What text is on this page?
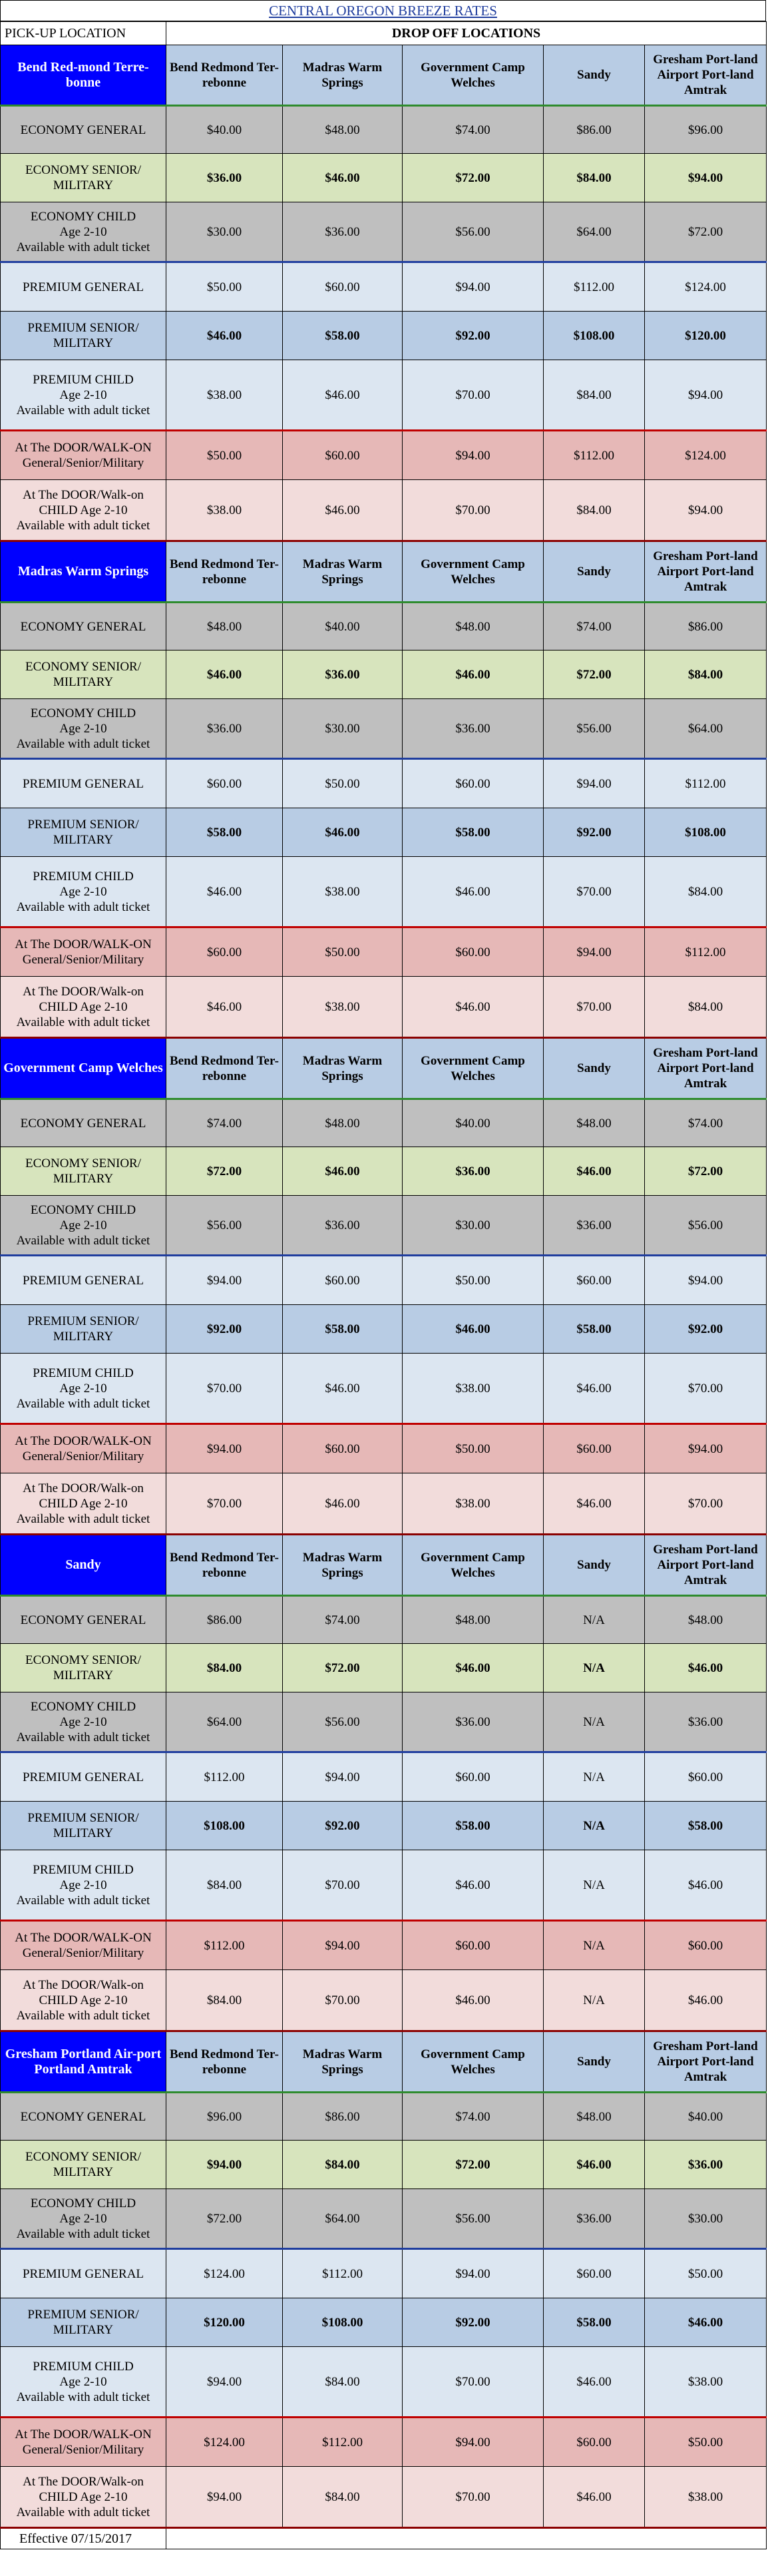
CENTRAL OREGON BREEZE RATES
PICK-UP LOCATION	DROP OFF LOCATIONS				
Bend Red-mond Terre-bonne	Bend Redmond Ter-rebonne	Madras Warm Springs	Government Camp Welches	Sandy	Gresham Port-land Airport Port-land Amtrak
ECONOMY GENERAL	$40.00	$48.00	$74.00	$86.00	$96.00
ECONOMY SENIOR/ MILITARY	$36.00	$46.00	$72.00	$84.00	$94.00

ECONOMY CHILD
Age 2-10
Available with adult ticket	$30.00	$36.00	$56.00	$64.00	$72.00
PREMIUM GENERAL	$50.00	$60.00	$94.00	$112.00	$124.00
PREMIUM SENIOR/ MILITARY	$46.00	$58.00	$92.00	$108.00	$120.00

PREMIUM CHILD
Age 2-10
Available with adult ticket	$38.00	$46.00	$70.00	$84.00	$94.00

At The DOOR/WALK-ON
General/Senior/Military	$50.00	$60.00	$94.00	$112.00	$124.00

At The DOOR/Walk-on
CHILD Age 2-10
Available with adult ticket	$38.00	$46.00	$70.00	$84.00	$94.00
Madras Warm Springs	Bend Redmond Ter-rebonne	Madras Warm Springs	Government Camp Welches	Sandy	Gresham Port-land Airport Port-land Amtrak
ECONOMY GENERAL	$48.00	$40.00	$48.00	$74.00	$86.00
ECONOMY SENIOR/ MILITARY	$46.00	$36.00	$46.00	$72.00	$84.00

ECONOMY CHILD
Age 2-10
Available with adult ticket	$36.00	$30.00	$36.00	$56.00	$64.00
PREMIUM GENERAL	$60.00	$50.00	$60.00	$94.00	$112.00
PREMIUM SENIOR/ MILITARY	$58.00	$46.00	$58.00	$92.00	$108.00

PREMIUM CHILD
Age 2-10
Available with adult ticket	$46.00	$38.00	$46.00	$70.00	$84.00

At The DOOR/WALK-ON
General/Senior/Military	$60.00	$50.00	$60.00	$94.00	$112.00

At The DOOR/Walk-on
CHILD Age 2-10
Available with adult ticket	$46.00	$38.00	$46.00	$70.00	$84.00
Government Camp Welches	Bend Redmond Ter-rebonne	Madras Warm Springs	Government Camp Welches	Sandy	Gresham Port-land Airport Port-land Amtrak
ECONOMY GENERAL	$74.00	$48.00	$40.00	$48.00	$74.00
ECONOMY SENIOR/ MILITARY	$72.00	$46.00	$36.00	$46.00	$72.00

ECONOMY CHILD
Age 2-10
Available with adult ticket	$56.00	$36.00	$30.00	$36.00	$56.00
PREMIUM GENERAL	$94.00	$60.00	$50.00	$60.00	$94.00
PREMIUM SENIOR/ MILITARY	$92.00	$58.00	$46.00	$58.00	$92.00

PREMIUM CHILD
Age 2-10
Available with adult ticket	$70.00	$46.00	$38.00	$46.00	$70.00

At The DOOR/WALK-ON
General/Senior/Military	$94.00	$60.00	$50.00	$60.00	$94.00

At The DOOR/Walk-on
CHILD Age 2-10
Available with adult ticket	$70.00	$46.00	$38.00	$46.00	$70.00
Sandy	Bend Redmond Ter-rebonne	Madras Warm Springs	Government Camp Welches	Sandy	Gresham Port-land Airport Port-land Amtrak
ECONOMY GENERAL	$86.00	$74.00	$48.00	N/A	$48.00
ECONOMY SENIOR/ MILITARY	$84.00	$72.00	$46.00	N/A	$46.00

ECONOMY CHILD
Age 2-10
Available with adult ticket	$64.00	$56.00	$36.00	N/A	$36.00
PREMIUM GENERAL	$112.00	$94.00	$60.00	N/A	$60.00
PREMIUM SENIOR/ MILITARY	$108.00	$92.00	$58.00	N/A	$58.00

PREMIUM CHILD
Age 2-10
Available with adult ticket	$84.00	$70.00	$46.00	N/A	$46.00

At The DOOR/WALK-ON
General/Senior/Military	$112.00	$94.00	$60.00	N/A	$60.00

At The DOOR/Walk-on
CHILD Age 2-10
Available with adult ticket	$84.00	$70.00	$46.00	N/A	$46.00
Gresham Portland Air-port Portland Amtrak	Bend Redmond Ter-rebonne	Madras Warm Springs	Government Camp Welches	Sandy	Gresham Port-land Airport Port-land Amtrak
ECONOMY GENERAL	$96.00	$86.00	$74.00	$48.00	$40.00
ECONOMY SENIOR/ MILITARY	$94.00	$84.00	$72.00	$46.00	$36.00

ECONOMY CHILD
Age 2-10
Available with adult ticket	$72.00	$64.00	$56.00	$36.00	$30.00
PREMIUM GENERAL	$124.00	$112.00	$94.00	$60.00	$50.00
PREMIUM SENIOR/ MILITARY	$120.00	$108.00	$92.00	$58.00	$46.00

PREMIUM CHILD
Age 2-10
Available with adult ticket	$94.00	$84.00	$70.00	$46.00	$38.00

At The DOOR/WALK-ON
General/Senior/Military	$124.00	$112.00	$94.00	$60.00	$50.00

At The DOOR/Walk-on
CHILD Age 2-10
Available with adult ticket	$94.00	$84.00	$70.00	$46.00	$38.00
Effective 07/15/2017					
